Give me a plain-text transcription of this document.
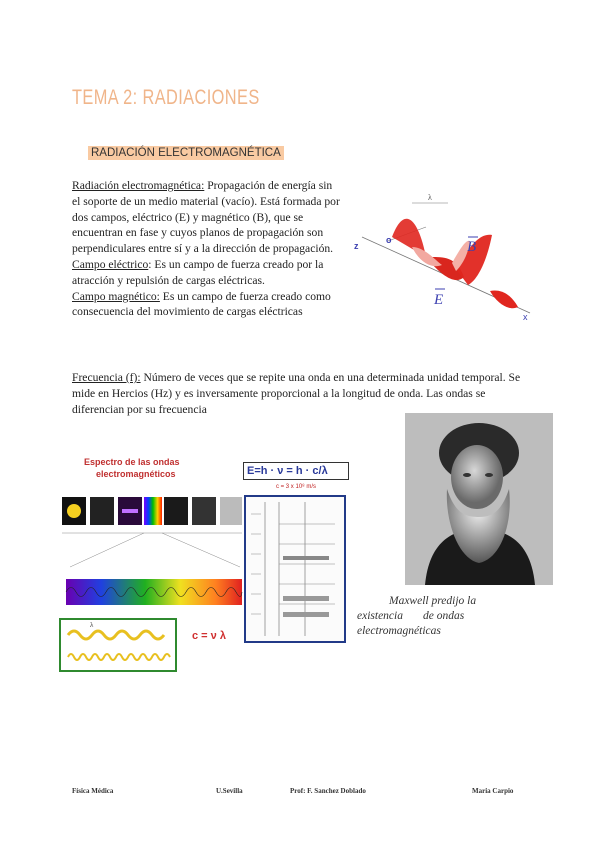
TEMA 2: RADIACIONES
RADIACIÓN ELECTROMAGNÉTICA
Radiación electromagnética: Propagación de energía sin el soporte de un medio material (vacío). Está formada por dos campos, eléctrico (E) y magnético (B), que se encuentran en fase y cuyos planos de propagación son perpendiculares entre sí y a la dirección de propagación.
Campo eléctrico: Es un campo de fuerza creado por la atracción y repulsión de cargas eléctricas.
Campo magnético: Es un campo de fuerza creado como consecuencia del movimiento de cargas eléctricas
B
E
x
z
o
λ
Frecuencia (f): Número de veces que se repite una onda en una determinada unidad temporal. Se mide en Hercios (Hz) y es inversamente proporcional a la longitud de onda. Las ondas se diferencian por su frecuencia
Espectro de las ondas
electromagnéticos
λ
c = ν λ
E=h · ν = h · c/λ
c = 3 x 10⁸ m/s
Maxwell predijo la
existencia de ondas
electromagnéticas
Física Médica	U.Sevilla	Prof: F. Sanchez Doblado	Maria Carpio
